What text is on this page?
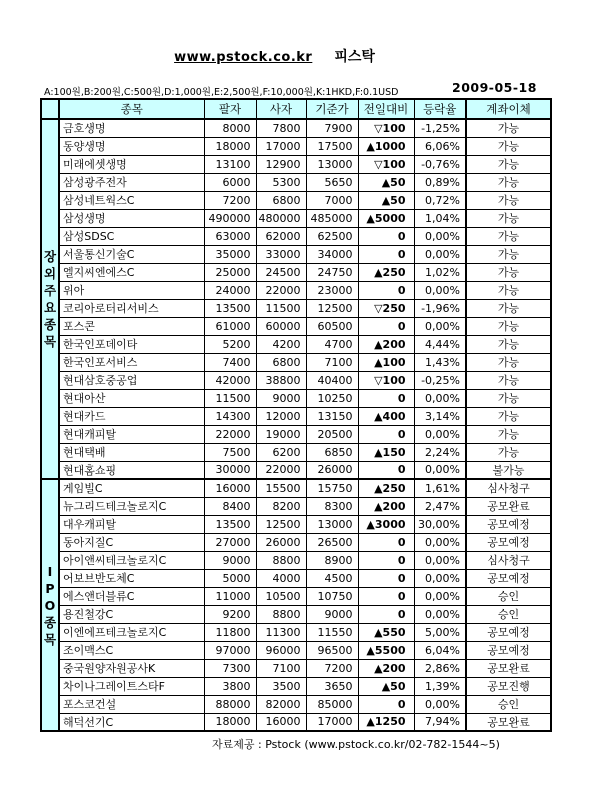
www.pstock.co.kr 피스탁
A:100원,B:200원,C:500원,D:1,000원,E:2,500원,F:10,000원,K:1HKD,F:0.1USD	2009-05-18
	종목	팔자	사자	기준가	전일대비	등락율	계좌이체

장
외
주
요
종
목
	금호생명	8000	7800	7900	▽100	-1,25%	가능
	동양생명	18000	17000	17500	▲1000	6,06%	가능
	미래에셋생명	13100	12900	13000	▽100	-0,76%	가능
	삼성광주전자	6000	5300	5650	▲50	0,89%	가능
	삼성네트웍스C	7200	6800	7000	▲50	0,72%	가능
	삼성생명	490000	480000	485000	▲5000	1,04%	가능
	삼성SDSC	63000	62000	62500	0	0,00%	가능
	서울통신기술C	35000	33000	34000	0	0,00%	가능
	엘지씨엔에스C	25000	24500	24750	▲250	1,02%	가능
	위아	24000	22000	23000	0	0,00%	가능
	코리아로터리서비스	13500	11500	12500	▽250	-1,96%	가능
	포스콘	61000	60000	60500	0	0,00%	가능
	한국인포데이타	5200	4200	4700	▲200	4,44%	가능
	한국인포서비스	7400	6800	7100	▲100	1,43%	가능
	현대삼호중공업	42000	38800	40400	▽100	-0,25%	가능
	현대아산	11500	9000	10250	0	0,00%	가능
	현대카드	14300	12000	13150	▲400	3,14%	가능
	현대캐피탈	22000	19000	20500	0	0,00%	가능
	현대택배	7500	6200	6850	▲150	2,24%	가능
	현대홈쇼핑	30000	22000	26000	0	0,00%	불가능

I
P
O
종
목	게임빌C	16000	15500	15750	▲250	1,61%	심사청구
	뉴그리드테크놀로지C	8400	8200	8300	▲200	2,47%	공모완료
	대우캐피탈	13500	12500	13000	▲3000	30,00%	공모예정
	동아지질C	27000	26000	26500	0	0,00%	공모예정
	아이앤씨테크놀로지C	9000	8800	8900	0	0,00%	심사청구
	어보브반도체C	5000	4000	4500	0	0,00%	공모예정
	에스앤더블류C	11000	10500	10750	0	0,00%	승인
	용진철강C	9200	8800	9000	0	0,00%	승인
	이엔에프테크놀로지C	11800	11300	11550	▲550	5,00%	공모예정
	조이맥스C	97000	96000	96500	▲5500	6,04%	공모예정
	중국원양자원공사K	7300	7100	7200	▲200	2,86%	공모완료
	차이나그레이트스타F	3800	3500	3650	▲50	1,39%	공모진행
	포스코건설	88000	82000	85000	0	0,00%	승인
	해덕선기C	18000	16000	17000	▲1250	7,94%	공모완료
자료제공 : Pstock (www.pstock.co.kr/02-782-1544~5)
